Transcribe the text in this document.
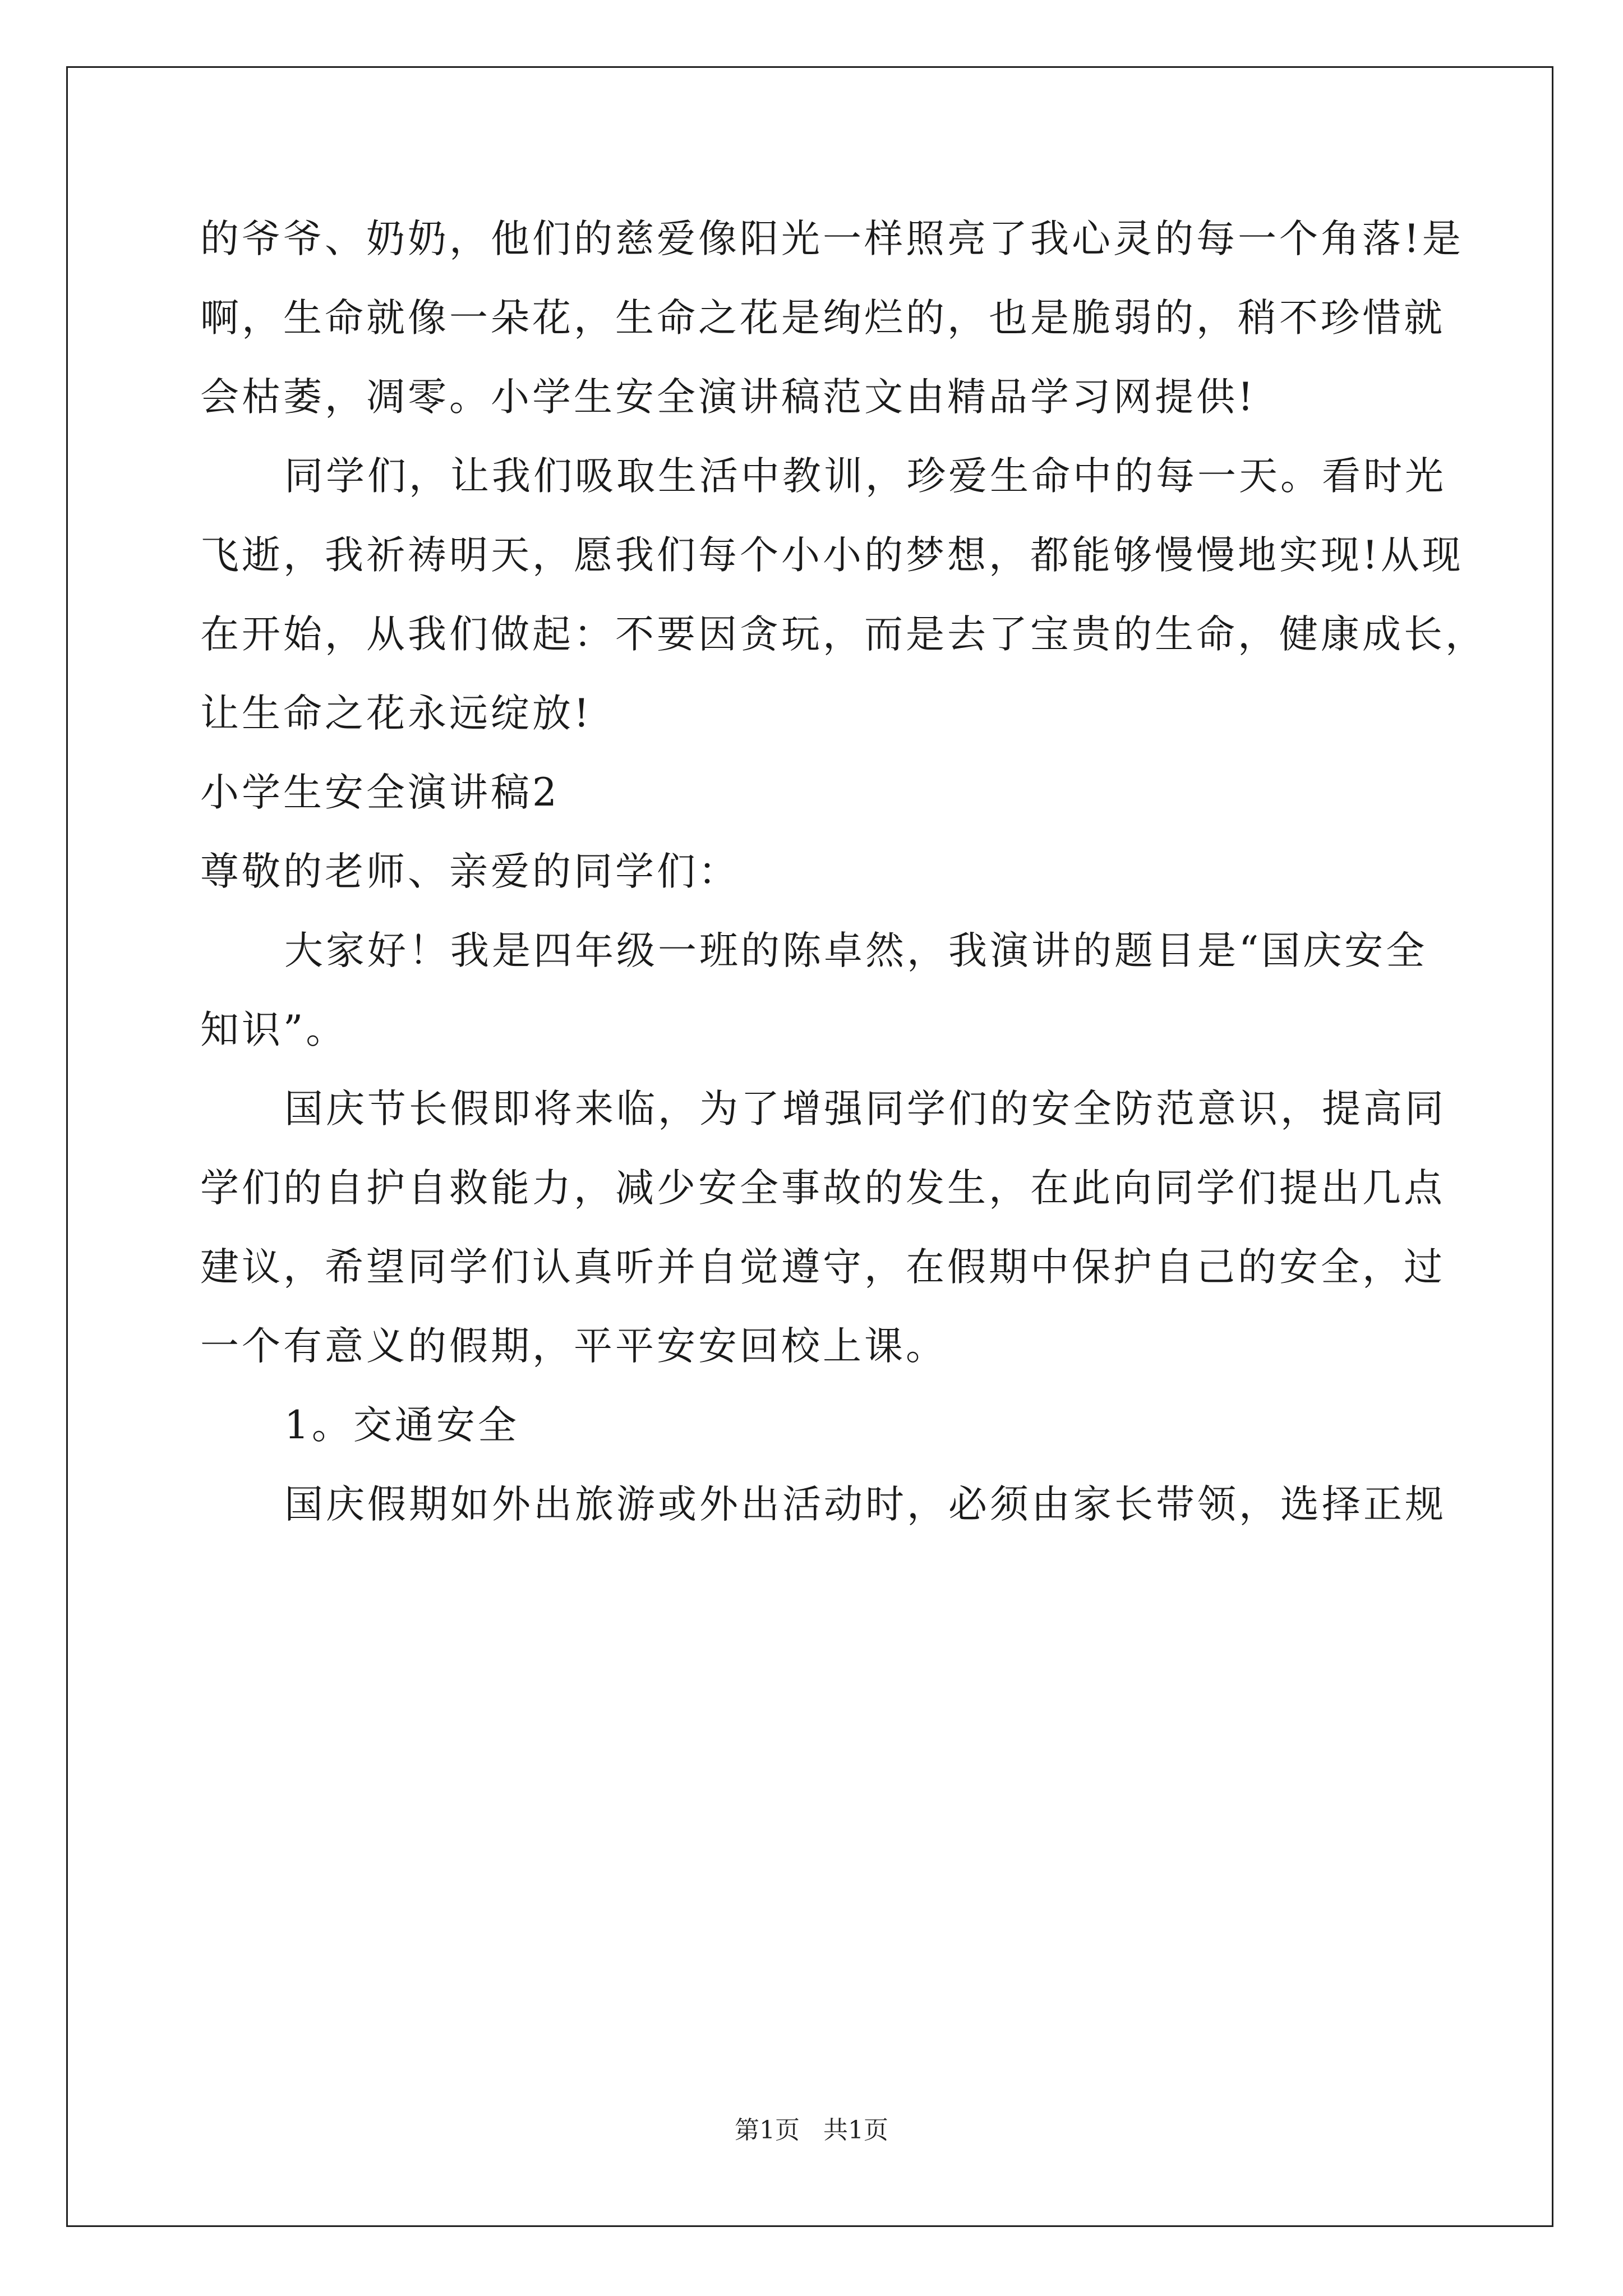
的爷爷、奶奶，他们的慈爱像阳光一样照亮了我心灵的每一个角落!是
啊，生命就像一朵花，生命之花是绚烂的，也是脆弱的，稍不珍惜就
会枯萎，凋零。小学生安全演讲稿范文由精品学习网提供!
同学们，让我们吸取生活中教训，珍爱生命中的每一天。看时光
飞逝，我祈祷明天，愿我们每个小小的梦想，都能够慢慢地实现!从现
在开始，从我们做起：不要因贪玩，而是去了宝贵的生命，健康成长，
让生命之花永远绽放!
小学生安全演讲稿2
尊敬的老师、亲爱的同学们：
大家好！我是四年级一班的陈卓然，我演讲的题目是“国庆安全
知识”。
国庆节长假即将来临，为了增强同学们的安全防范意识，提高同
学们的自护自救能力，减少安全事故的发生，在此向同学们提出几点
建议，希望同学们认真听并自觉遵守，在假期中保护自己的安全，过
一个有意义的假期，平平安安回校上课。
1。交通安全
国庆假期如外出旅游或外出活动时，必须由家长带领，选择正规
第1页 共1页
